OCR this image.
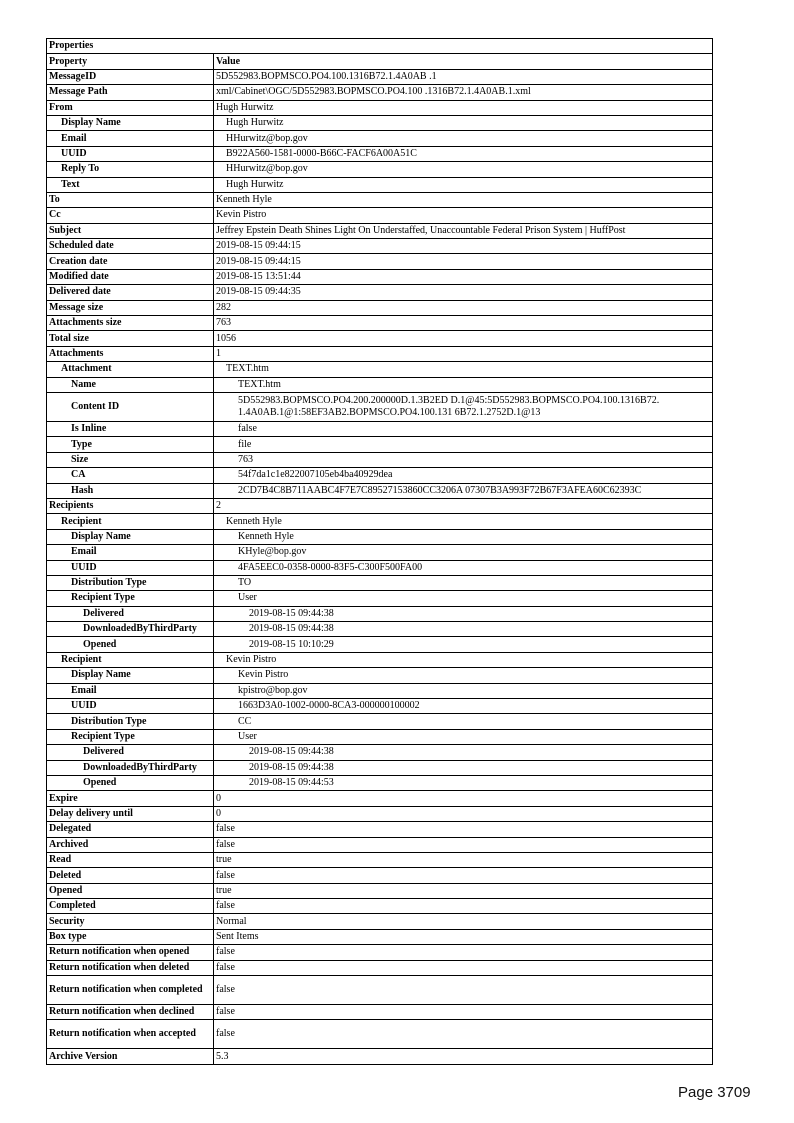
Properties	
Property	Value
MessageID	5D552983.BOPMSCO.PO4.100.1316B72.1.4A0AB .1
Message Path	xml/Cabinet\OGC/5D552983.BOPMSCO.PO4.100 .1316B72.1.4A0AB.1.xml
From	Hugh Hurwitz
Display Name	Hugh Hurwitz
Email	HHurwitz@bop.gov
UUID	B922A560-1581-0000-B66C-FACF6A00A51C
Reply To	HHurwitz@bop.gov
Text	Hugh Hurwitz
To	Kenneth Hyle
Cc	Kevin Pistro
Subject	Jeffrey Epstein Death Shines Light On Understaffed, Unaccountable Federal Prison System | HuffPost
Scheduled date	2019-08-15 09:44:15
Creation date	2019-08-15 09:44:15
Modified date	2019-08-15 13:51:44
Delivered date	2019-08-15 09:44:35
Message size	282
Attachments size	763
Total size	1056
Attachments	1
Attachment	TEXT.htm
Name	TEXT.htm
Content ID	5D552983.BOPMSCO.PO4.200.200000D.1.3B2ED D.1@45:5D552983.BOPMSCO.PO4.100.1316B72. 1.4A0AB.1@1:58EF3AB2.BOPMSCO.PO4.100.131 6B72.1.2752D.1@13
Is Inline	false
Type	file
Size	763
CA	54f7da1c1e822007105eb4ba40929dea
Hash	2CD7B4C8B711AABC4F7E7C89527153860CC3206A 07307B3A993F72B67F3AFEA60C62393C
Recipients	2
Recipient	Kenneth Hyle
Display Name	Kenneth Hyle
Email	KHyle@bop.gov
UUID	4FA5EEC0-0358-0000-83F5-C300F500FA00
Distribution Type	TO
Recipient Type	User
Delivered	2019-08-15 09:44:38
DownloadedByThirdParty	2019-08-15 09:44:38
Opened	2019-08-15 10:10:29
Recipient	Kevin Pistro
Display Name	Kevin Pistro
Email	kpistro@bop.gov
UUID	1663D3A0-1002-0000-8CA3-000000100002
Distribution Type	CC
Recipient Type	User
Delivered	2019-08-15 09:44:38
DownloadedByThirdParty	2019-08-15 09:44:38
Opened	2019-08-15 09:44:53
Expire	0
Delay delivery until	0
Delegated	false
Archived	false
Read	true
Deleted	false
Opened	true
Completed	false
Security	Normal
Box type	Sent Items
Return notification when opened	false
Return notification when deleted	false
Return notification when completed	false
Return notification when declined	false
Return notification when accepted	false
Archive Version	5.3
Page 3709
